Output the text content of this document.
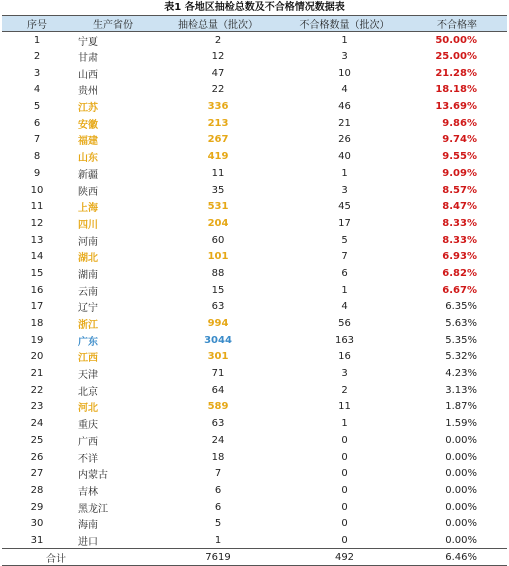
表1 各地区抽检总数及不合格情况数据表
序号	生产省份	抽检总量（批次）	不合格数量（批次）	不合格率
1	宁夏	2	1	50.00%
2	甘肃	12	3	25.00%
3	山西	47	10	21.28%
4	贵州	22	4	18.18%
5	江苏	336	46	13.69%
6	安徽	213	21	9.86%
7	福建	267	26	9.74%
8	山东	419	40	9.55%
9	新疆	11	1	9.09%
10	陕西	35	3	8.57%
11	上海	531	45	8.47%
12	四川	204	17	8.33%
13	河南	60	5	8.33%
14	湖北	101	7	6.93%
15	湖南	88	6	6.82%
16	云南	15	1	6.67%
17	辽宁	63	4	6.35%
18	浙江	994	56	5.63%
19	广东	3044	163	5.35%
20	江西	301	16	5.32%
21	天津	71	3	4.23%
22	北京	64	2	3.13%
23	河北	589	11	1.87%
24	重庆	63	1	1.59%
25	广西	24	0	0.00%
26	不详	18	0	0.00%
27	内蒙古	7	0	0.00%
28	吉林	6	0	0.00%
29	黑龙江	6	0	0.00%
30	海南	5	0	0.00%
31	进口	1	0	0.00%
合计		7619	492	6.46%
